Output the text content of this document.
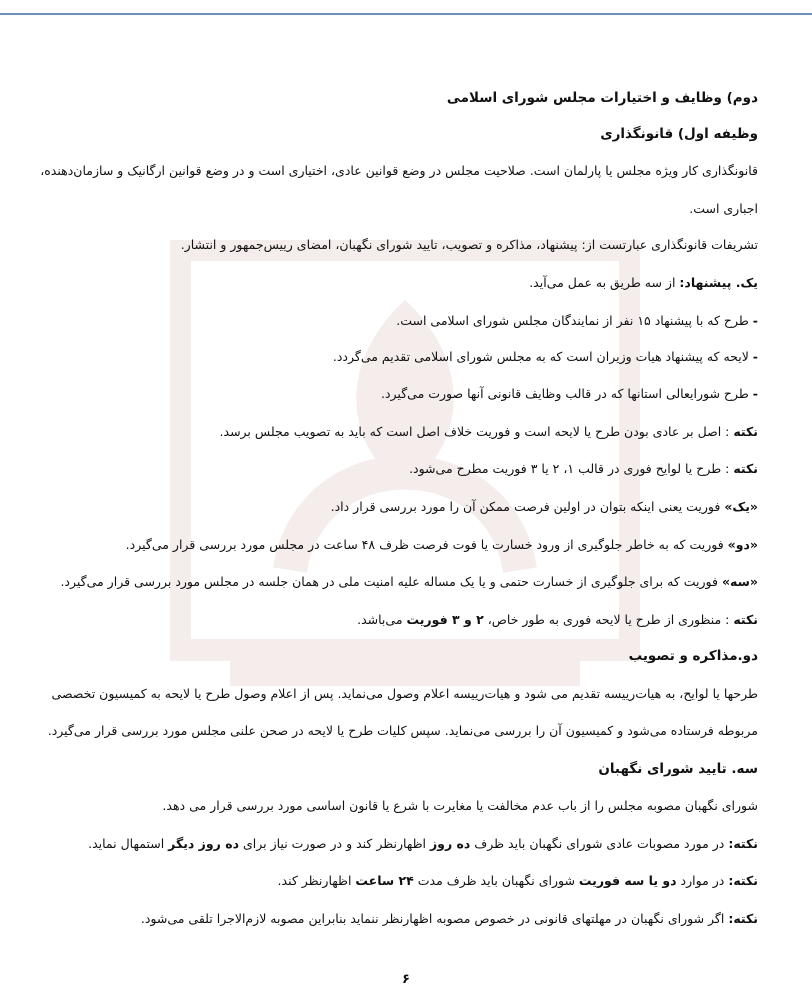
دوم) وظایف و اختیارات مجلس شورای اسلامی
وظیفه اول) قانونگذاری
قانونگذاری کار ویژه مجلس یا پارلمان است. صلاحیت مجلس در وضع قوانین عادی، اختیاری است و در وضع قوانین ارگانیک و سازمان‌دهنده،
اجباری است.
تشریفات قانونگذاری عبارتست از: پیشنهاد، مذاکره و تصویب، تایید شورای نگهبان، امضای رییس‌جمهور و انتشار.
یک. پیشنهاد: از سه طریق به عمل می‌آید.
- طرح که با پیشنهاد ۱۵ نفر از نمایندگان مجلس شورای اسلامی است.
- لایحه که پیشنهاد هیات وزیران است که به مجلس شورای اسلامی تقدیم می‌گردد.
- طرح شورایعالی استانها که در قالب وظایف قانونی آنها صورت می‌گیرد.
نکته : اصل بر عادی بودن طرح یا لایحه است و فوریت خلاف اصل است که باید به تصویب مجلس برسد.
نکته : طرح یا لوایح فوری در قالب ۱، ۲ یا ۳ فوریت مطرح می‌شود.
«یک» فوریت یعنی اینکه بتوان در اولین فرصت ممکن آن را مورد بررسی قرار داد.
«دو» فوریت که به خاطر جلوگیری از ورود خسارت یا فوت فرصت ظرف ۴۸ ساعت در مجلس مورد بررسی قرار می‌گیرد.
«سه» فوریت که برای جلوگیری از خسارت حتمی و یا یک مساله علیه امنیت ملی در همان جلسه در مجلس مورد بررسی قرار می‌گیرد.
نکته : منظوری از طرح یا لایحه فوری به طور خاص، ۲ و ۳ فوریت می‌باشد.
دو.مذاکره و تصویب
طرحها یا لوایح، به هیات‌رییسه تقدیم می شود و هیات‌رییسه اعلام وصول می‌نماید. پس از اعلام وصول طرح یا لایحه به کمیسیون تخصصی
مربوطه فرستاده می‌شود و کمیسیون آن را بررسی می‌نماید. سپس کلیات طرح یا لایحه در صحن علنی مجلس مورد بررسی قرار می‌گیرد.
سه. تایید شورای نگهبان
شورای نگهبان مصوبه مجلس را از باب عدم مخالفت یا مغایرت با شرع یا قانون اساسی مورد بررسی قرار می دهد.
نکته: در مورد مصوبات عادی شورای نگهبان باید ظرف ده روز اظهارنظر کند و در صورت نیاز برای ده روز دیگر استمهال نماید.
نکته: در موارد دو یا سه فوریت شورای نگهبان باید ظرف مدت ۲۴ ساعت اظهارنظر کند.
نکته: اگر شورای نگهبان در مهلتهای قانونی در خصوص مصوبه اظهارنظر ننماید بنابراین مصوبه لازم‌الاجرا تلقی می‌شود.
۶
